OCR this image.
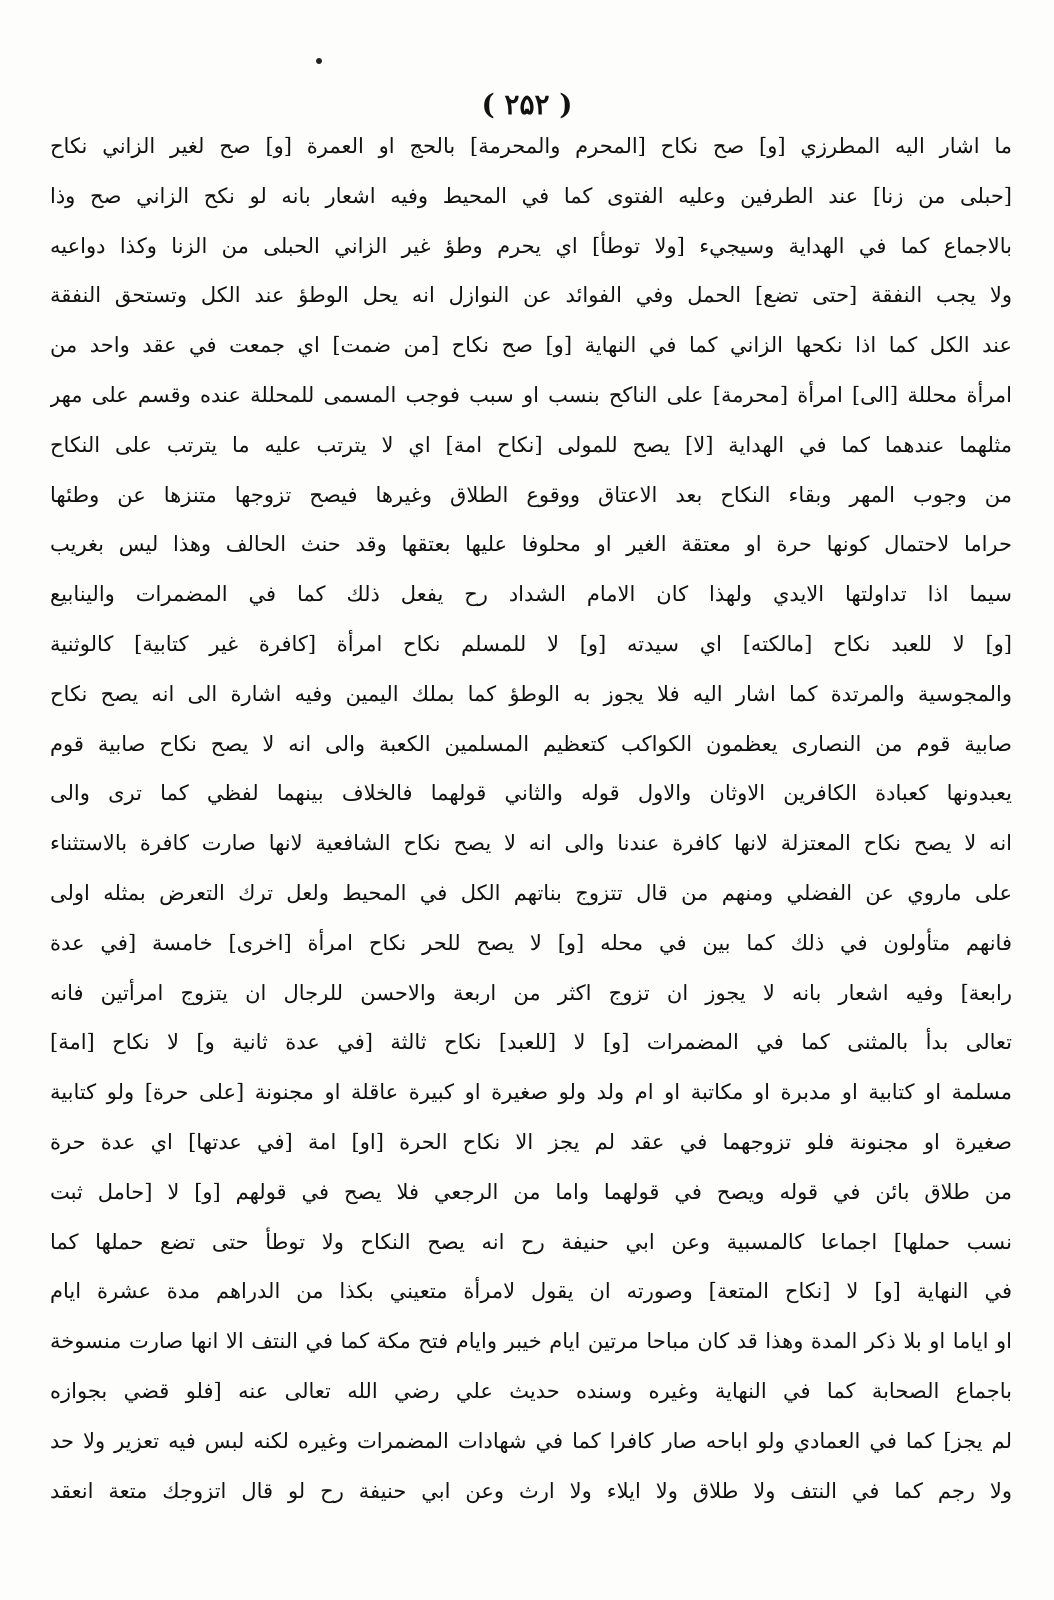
( ۲۵۲ )
ما اشار اليه المطرزي [و] صح نكاح [المحرم والمحرمة] بالحج او العمرة [و] صح لغير الزاني نكاح
[حبلى من زنا] عند الطرفين وعليه الفتوى كما في المحيط وفيه اشعار بانه لو نكح الزاني صح وذا
بالاجماع كما في الهداية وسيجيء [ولا توطأ] اي يحرم وطؤ غير الزاني الحبلى من الزنا وكذا دواعيه
ولا يجب النفقة [حتى تضع] الحمل وفي الفوائد عن النوازل انه يحل الوطؤ عند الكل وتستحق النفقة
عند الكل كما اذا نكحها الزاني كما في النهاية [و] صح نكاح [من ضمت] اي جمعت في عقد واحد من
امرأة محللة [الى] امرأة [محرمة] على الناكح بنسب او سبب فوجب المسمى للمحللة عنده وقسم على مهر
مثلهما عندهما كما في الهداية [لا] يصح للمولى [نكاح امة] اي لا يترتب عليه ما يترتب على النكاح
من وجوب المهر وبقاء النكاح بعد الاعتاق ووقوع الطلاق وغيرها فيصح تزوجها متنزها عن وطئها
حراما لاحتمال كونها حرة او معتقة الغير او محلوفا عليها بعتقها وقد حنث الحالف وهذا ليس بغريب
سيما اذا تداولتها الايدي ولهذا كان الامام الشداد رح يفعل ذلك كما في المضمرات والينابيع
[و] لا للعبد نكاح [مالكته] اي سيدته [و] لا للمسلم نكاح امرأة [كافرة غير كتابية] كالوثنية
والمجوسية والمرتدة كما اشار اليه فلا يجوز به الوطؤ كما بملك اليمين وفيه اشارة الى انه يصح نكاح
صابية قوم من النصارى يعظمون الكواكب كتعظيم المسلمين الكعبة والى انه لا يصح نكاح صابية قوم
يعبدونها كعبادة الكافرين الاوثان والاول قوله والثاني قولهما فالخلاف بينهما لفظي كما ترى والى
انه لا يصح نكاح المعتزلة لانها كافرة عندنا والى انه لا يصح نكاح الشافعية لانها صارت كافرة بالاستثناء
على ماروي عن الفضلي ومنهم من قال تتزوج بناتهم الكل في المحيط ولعل ترك التعرض بمثله اولى
فانهم متأولون في ذلك كما بين في محله [و] لا يصح للحر نكاح امرأة [اخرى] خامسة [في عدة
رابعة] وفيه اشعار بانه لا يجوز ان تزوج اكثر من اربعة والاحسن للرجال ان يتزوج امرأتين فانه
تعالى بدأ بالمثنى كما في المضمرات [و] لا [للعبد] نكاح ثالثة [في عدة ثانية و] لا نكاح [امة]
مسلمة او كتابية او مدبرة او مكاتبة او ام ولد ولو صغيرة او كبيرة عاقلة او مجنونة [على حرة] ولو كتابية
صغيرة او مجنونة فلو تزوجهما في عقد لم يجز الا نكاح الحرة [او] امة [في عدتها] اي عدة حرة
من طلاق بائن في قوله ويصح في قولهما واما من الرجعي فلا يصح في قولهم [و] لا [حامل ثبت
نسب حملها] اجماعا كالمسبية وعن ابي حنيفة رح انه يصح النكاح ولا توطأ حتى تضع حملها كما
في النهاية [و] لا [نكاح المتعة] وصورته ان يقول لامرأة متعيني بكذا من الدراهم مدة عشرة ايام
او اياما او بلا ذكر المدة وهذا قد كان مباحا مرتين ايام خيبر وايام فتح مكة كما في النتف الا انها صارت منسوخة
باجماع الصحابة كما في النهاية وغيره وسنده حديث علي رضي الله تعالى عنه [فلو قضي بجوازه
لم يجز] كما في العمادي ولو اباحه صار كافرا كما في شهادات المضمرات وغيره لكنه لبس فيه تعزير ولا حد
ولا رجم كما في النتف ولا طلاق ولا ايلاء ولا ارث وعن ابي حنيفة رح لو قال اتزوجك متعة انعقد
